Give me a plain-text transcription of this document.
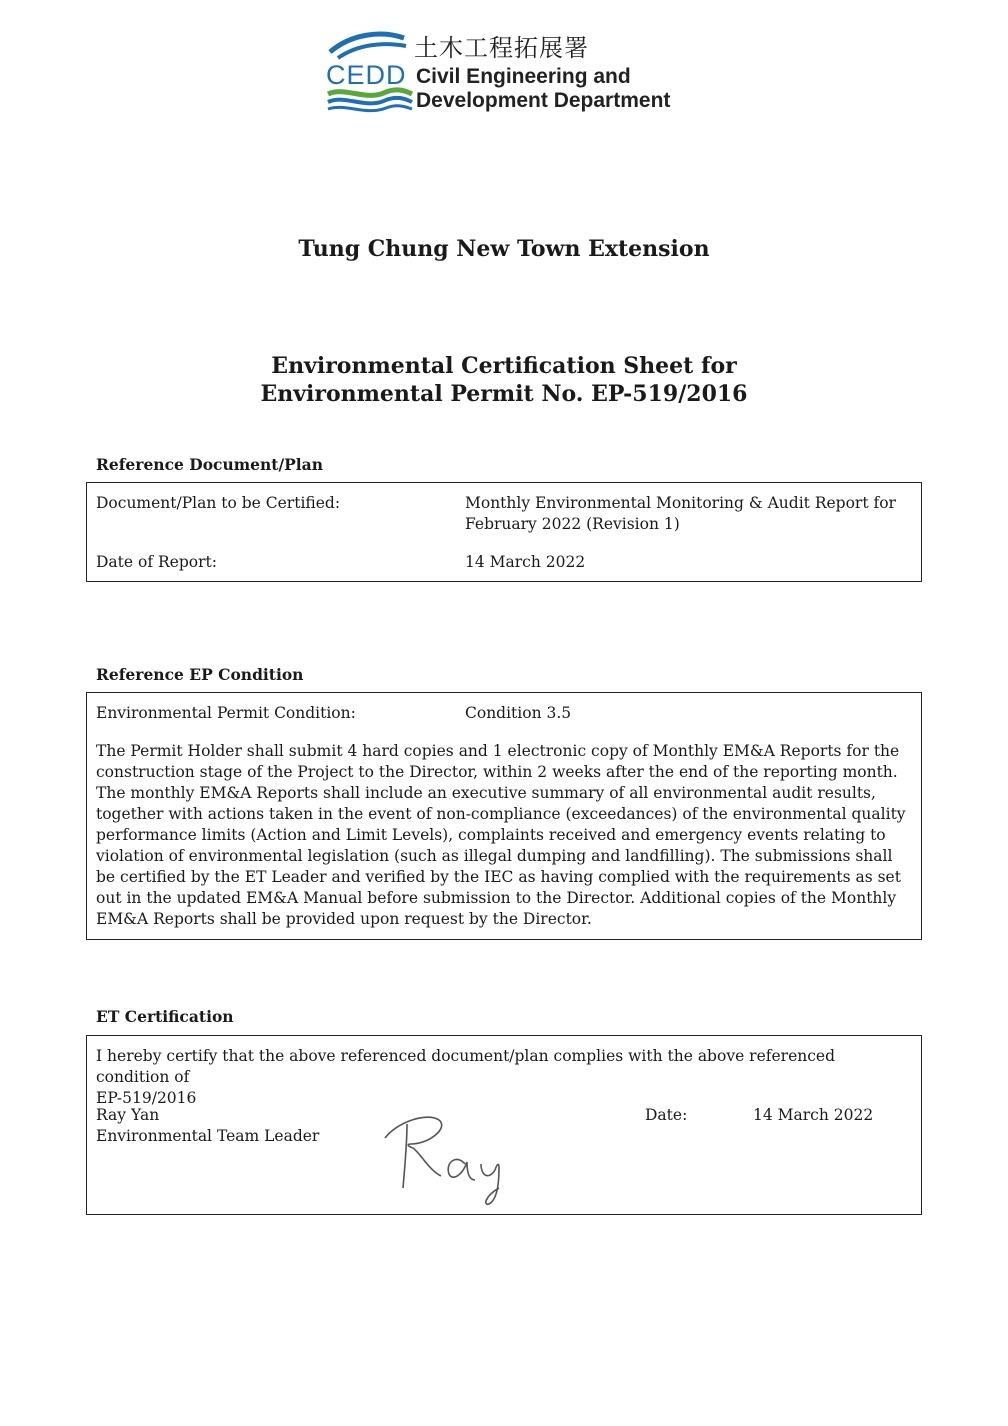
CEDD
土木工程拓展署
Civil Engineering and
Development Department
Tung Chung New Town Extension
Environmental Certification Sheet for
Environmental Permit No. EP-519/2016
Reference Document/Plan
Document/Plan to be Certified:	Monthly Environmental Monitoring & Audit Report for
February 2022 (Revision 1)
Date of Report:	14 March 2022
Reference EP Condition
Environmental Permit Condition:	Condition 3.5
The Permit Holder shall submit 4 hard copies and 1 electronic copy of Monthly EM&A Reports for the
construction stage of the Project to the Director, within 2 weeks after the end of the reporting month.
The monthly EM&A Reports shall include an executive summary of all environmental audit results,
together with actions taken in the event of non-compliance (exceedances) of the environmental quality
performance limits (Action and Limit Levels), complaints received and emergency events relating to
violation of environmental legislation (such as illegal dumping and landfilling). The submissions shall
be certified by the ET Leader and verified by the IEC as having complied with the requirements as set
out in the updated EM&A Manual before submission to the Director. Additional copies of the Monthly
EM&A Reports shall be provided upon request by the Director.
ET Certification
I hereby certify that the above referenced document/plan complies with the above referenced condition of
EP-519/2016
Ray Yan
Environmental Team Leader
Date:	14 March 2022
